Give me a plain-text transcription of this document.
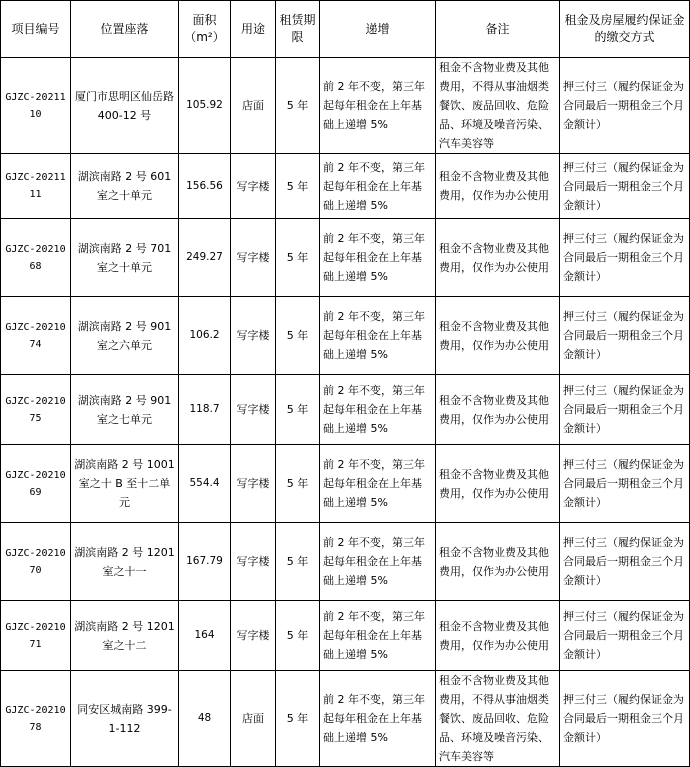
项目编号	位置座落	面积（m²）	用途	租赁期限	递增	备注	租金及房屋履约保证金的缴交方式
GJZC-2021110	厦门市思明区仙岳路 400-12 号	105.92	店面	5 年	前 2 年不变，第三年起每年租金在上年基础上递增 5%	租金不含物业费及其他费用，不得从事油烟类餐饮、废品回收、危险品、环境及噪音污染、汽车美容等	押三付三（履约保证金为合同最后一期租金三个月金额计）
GJZC-2021111	湖滨南路 2 号 601 室之十单元	156.56	写字楼	5 年	前 2 年不变，第三年起每年租金在上年基础上递增 5%	租金不含物业费及其他费用，仅作为办公使用	押三付三（履约保证金为合同最后一期租金三个月金额计）
GJZC-2021068	湖滨南路 2 号 701 室之十单元	249.27	写字楼	5 年	前 2 年不变，第三年起每年租金在上年基础上递增 5%	租金不含物业费及其他费用，仅作为办公使用	押三付三（履约保证金为合同最后一期租金三个月金额计）
GJZC-2021074	湖滨南路 2 号 901 室之六单元	106.2	写字楼	5 年	前 2 年不变，第三年起每年租金在上年基础上递增 5%	租金不含物业费及其他费用，仅作为办公使用	押三付三（履约保证金为合同最后一期租金三个月金额计）
GJZC-2021075	湖滨南路 2 号 901 室之七单元	118.7	写字楼	5 年	前 2 年不变，第三年起每年租金在上年基础上递增 5%	租金不含物业费及其他费用，仅作为办公使用	押三付三（履约保证金为合同最后一期租金三个月金额计）
GJZC-2021069	湖滨南路 2 号 1001 室之十 B 至十二单元	554.4	写字楼	5 年	前 2 年不变，第三年起每年租金在上年基础上递增 5%	租金不含物业费及其他费用，仅作为办公使用	押三付三（履约保证金为合同最后一期租金三个月金额计）
GJZC-2021070	湖滨南路 2 号 1201 室之十一	167.79	写字楼	5 年	前 2 年不变，第三年起每年租金在上年基础上递增 5%	租金不含物业费及其他费用，仅作为办公使用	押三付三（履约保证金为合同最后一期租金三个月金额计）
GJZC-2021071	湖滨南路 2 号 1201 室之十二	164	写字楼	5 年	前 2 年不变，第三年起每年租金在上年基础上递增 5%	租金不含物业费及其他费用，仅作为办公使用	押三付三（履约保证金为合同最后一期租金三个月金额计）
GJZC-2021078	同安区城南路 399-1-112	48	店面	5 年	前 2 年不变，第三年起每年租金在上年基础上递增 5%	租金不含物业费及其他费用，不得从事油烟类餐饮、废品回收、危险品、环境及噪音污染、汽车美容等	押三付三（履约保证金为合同最后一期租金三个月金额计）
